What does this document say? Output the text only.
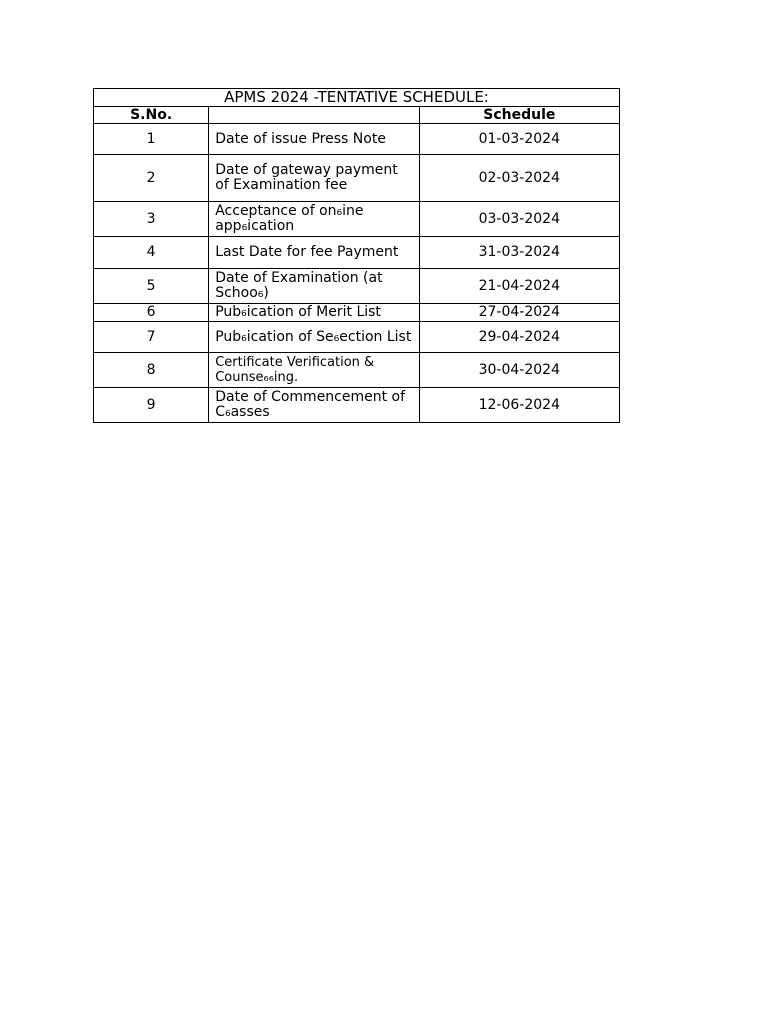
APMS 2024 -TENTATIVE SCHEDULE:		
S.No.		Schedule
1	Date of issue Press Note	01-03-2024
2	Date of gateway payment of Examination fee	02-03-2024
3	Acceptance of on₆ine app₆ication	03-03-2024
4	Last Date for fee Payment	31-03-2024
5	Date of Examination (at Schoo₆)	21-04-2024
6	Pub₆ication of Merit List	27-04-2024
7	Pub₆ication of Se₆ection List	29-04-2024
8	Certificate Verification & Counse₆₆ing.	30-04-2024
9	Date of Commencement of C₆asses	12-06-2024
